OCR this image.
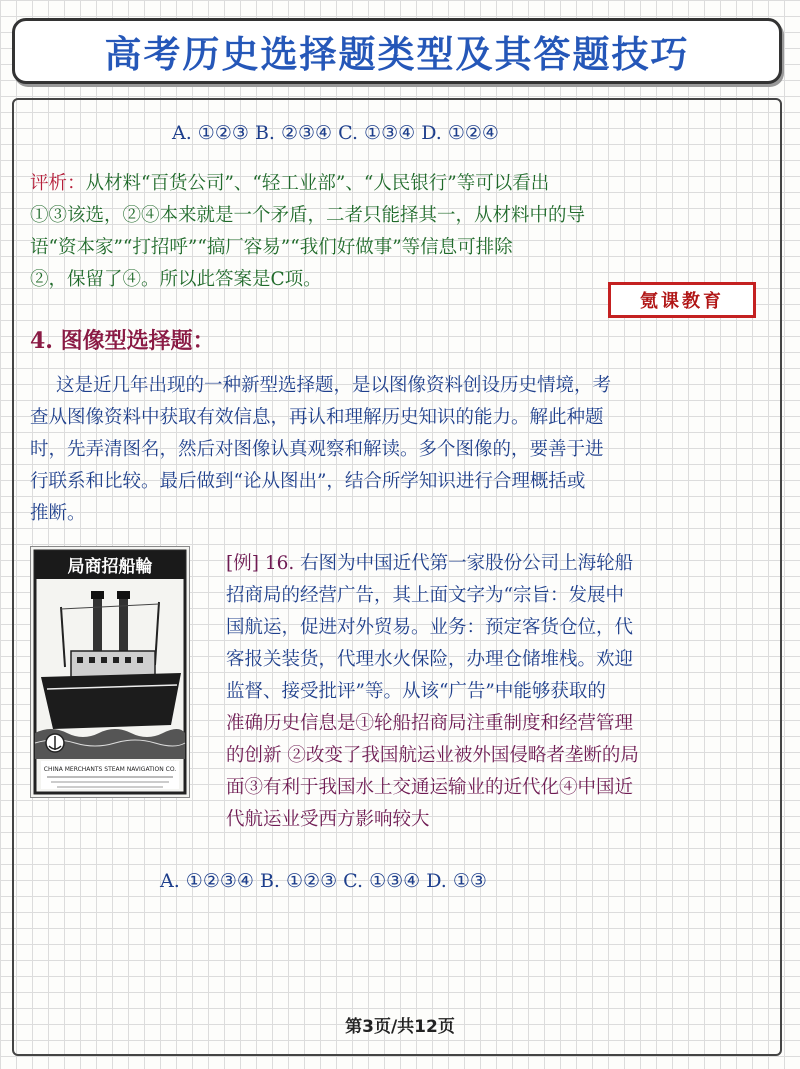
高考历史选择题类型及其答题技巧

A. ①②③ B. ②③④ C. ①③④ D. ①②④

评析：从材料“百货公司”、“轻工业部”、“人民银行”等可以看出
①③该选，②④本来就是一个矛盾，二者只能择其一，从材料中的导
语“资本家”“打招呼”“搞厂容易”“我们好做事”等信息可排除
②，保留了④。所以此答案是C项。
氪课教育

4. 图像型选择题：

这是近几年出现的一种新型选择题，是以图像资料创设历史情境，考
查从图像资料中获取有效信息，再认和理解历史知识的能力。解此种题
时，先弄清图名，然后对图像认真观察和解读。多个图像的，要善于进
行联系和比较。最后做到“论从图出”，结合所学知识进行合理概括或
推断。
局商招船輪
CHINA MERCHANTS STEAM NAVIGATION CO.
[例] 16. 右图为中国近代第一家股份公司上海轮船
招商局的经营广告，其上面文字为“宗旨：发展中
国航运，促进对外贸易。业务：预定客货仓位，代
客报关装货，代理水火保险，办理仓储堆栈。欢迎
监督、接受批评”等。从该“广告”中能够获取的
准确历史信息是①轮船招商局注重制度和经营管理
的创新 ②改变了我国航运业被外国侵略者垄断的局
面③有利于我国水上交通运输业的近代化④中国近
代航运业受西方影响较大

A. ①②③④ B. ①②③ C. ①③④ D. ①③

第3页/共12页
